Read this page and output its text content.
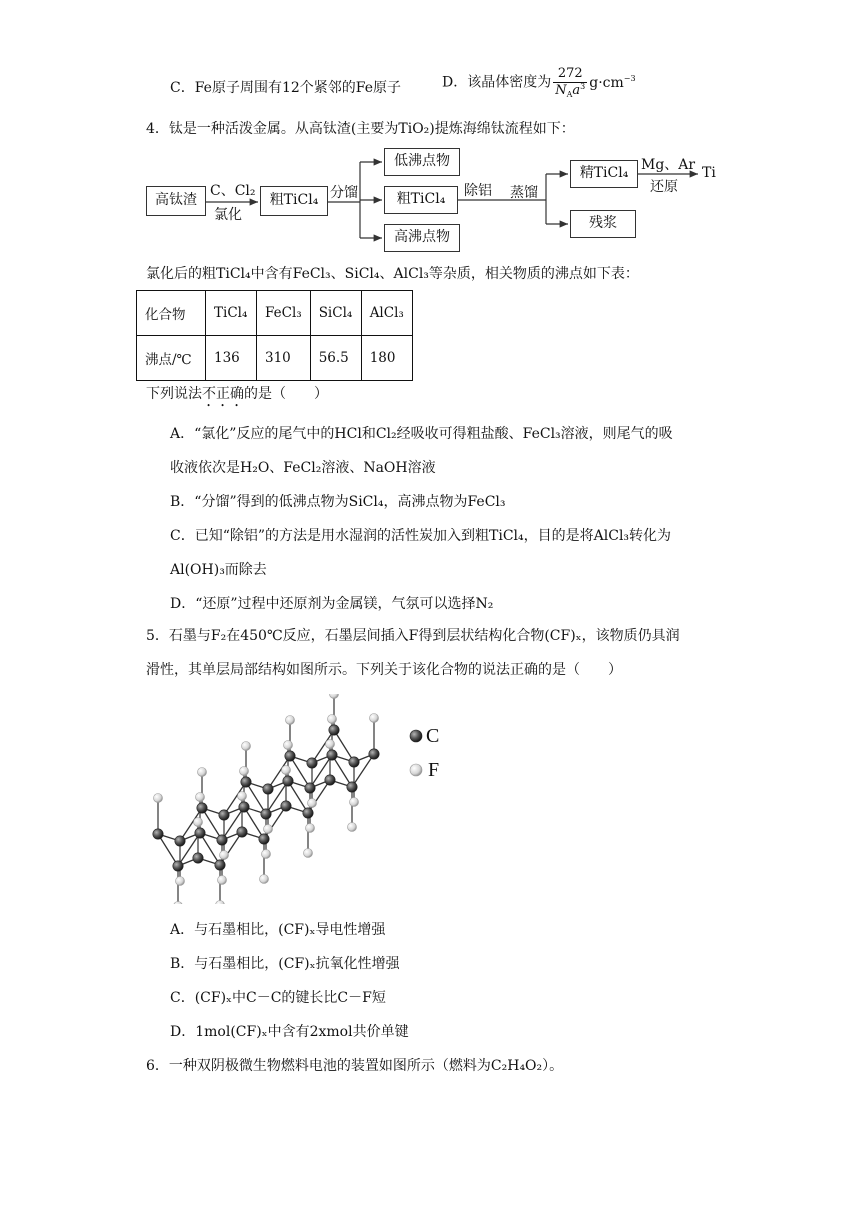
C．Fe原子周围有12个紧邻的Fe原子	D．该晶体密度为 $\frac{272}{N_Aa^3} g\cdot cm^{-3}$
4．钛是一种活泼金属。从高钛渣(主要为TiO₂)提炼海绵钛流程如下：
高钛渣
C、Cl₂
氯化
粗TiCl₄ 分馏
低沸点物
粗TiCl₄
高沸点物
除铝 蒸馏
精TiCl₄
残浆
Mg、Ar
还原
Ti
氯化后的粗TiCl₄中含有FeCl₃、SiCl₄、AlCl₃等杂质，相关物质的沸点如下表：
化合物	TiCl₄	FeCl₃	SiCl₄	AlCl₃
沸点/℃	136	310	56.5	180
下列说法不正确的是（　　）
A．“氯化”反应的尾气中的HCl和Cl₂经吸收可得粗盐酸、FeCl₃溶液，则尾气的吸
收液依次是H₂O、FeCl₂溶液、NaOH溶液
B．“分馏”得到的低沸点物为SiCl₄，高沸点物为FeCl₃
C．已知“除铝”的方法是用水湿润的活性炭加入到粗TiCl₄，目的是将AlCl₃转化为
Al(OH)₃而除去
D．“还原”过程中还原剂为金属镁，气氛可以选择N₂
5．石墨与F₂在450℃反应，石墨层间插入F得到层状结构化合物(CF)ₓ，该物质仍具润
滑性，其单层局部结构如图所示。下列关于该化合物的说法正确的是（　　）
C
F
A．与石墨相比，(CF)ₓ导电性增强
B．与石墨相比，(CF)ₓ抗氧化性增强
C．(CF)ₓ中C－C的键长比C－F短
D．1mol(CF)ₓ中含有2xmol共价单键
6．一种双阴极微生物燃料电池的装置如图所示（燃料为C₂H₄O₂）。
